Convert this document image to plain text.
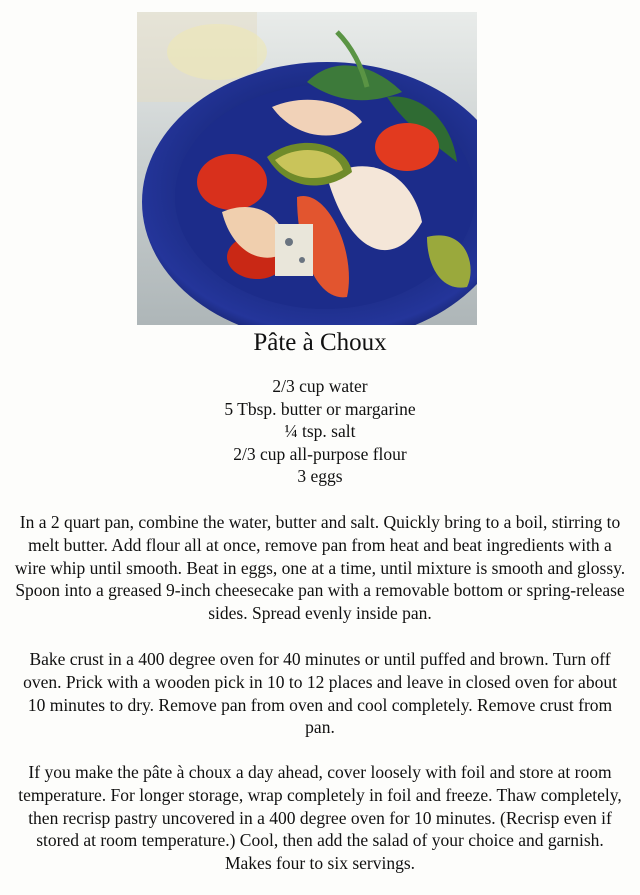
Pâte à Choux
2/3 cup water
5 Tbsp. butter or margarine
¼ tsp. salt
2/3 cup all-purpose flour
3 eggs

In a 2 quart pan, combine the water, butter and salt. Quickly bring to a boil, stirring to melt butter. Add flour all at once, remove pan from heat and beat ingredients with a wire whip until smooth. Beat in eggs, one at a time, until mixture is smooth and glossy. Spoon into a greased 9-inch cheesecake pan with a removable bottom or spring-release sides. Spread evenly inside pan.

Bake crust in a 400 degree oven for 40 minutes or until puffed and brown. Turn off oven. Prick with a wooden pick in 10 to 12 places and leave in closed oven for about 10 minutes to dry. Remove pan from oven and cool completely. Remove crust from pan.

If you make the pâte à choux a day ahead, cover loosely with foil and store at room temperature. For longer storage, wrap completely in foil and freeze. Thaw completely, then recrisp pastry uncovered in a 400 degree oven for 10 minutes. (Recrisp even if stored at room temperature.) Cool, then add the salad of your choice and garnish. Makes four to six servings.
